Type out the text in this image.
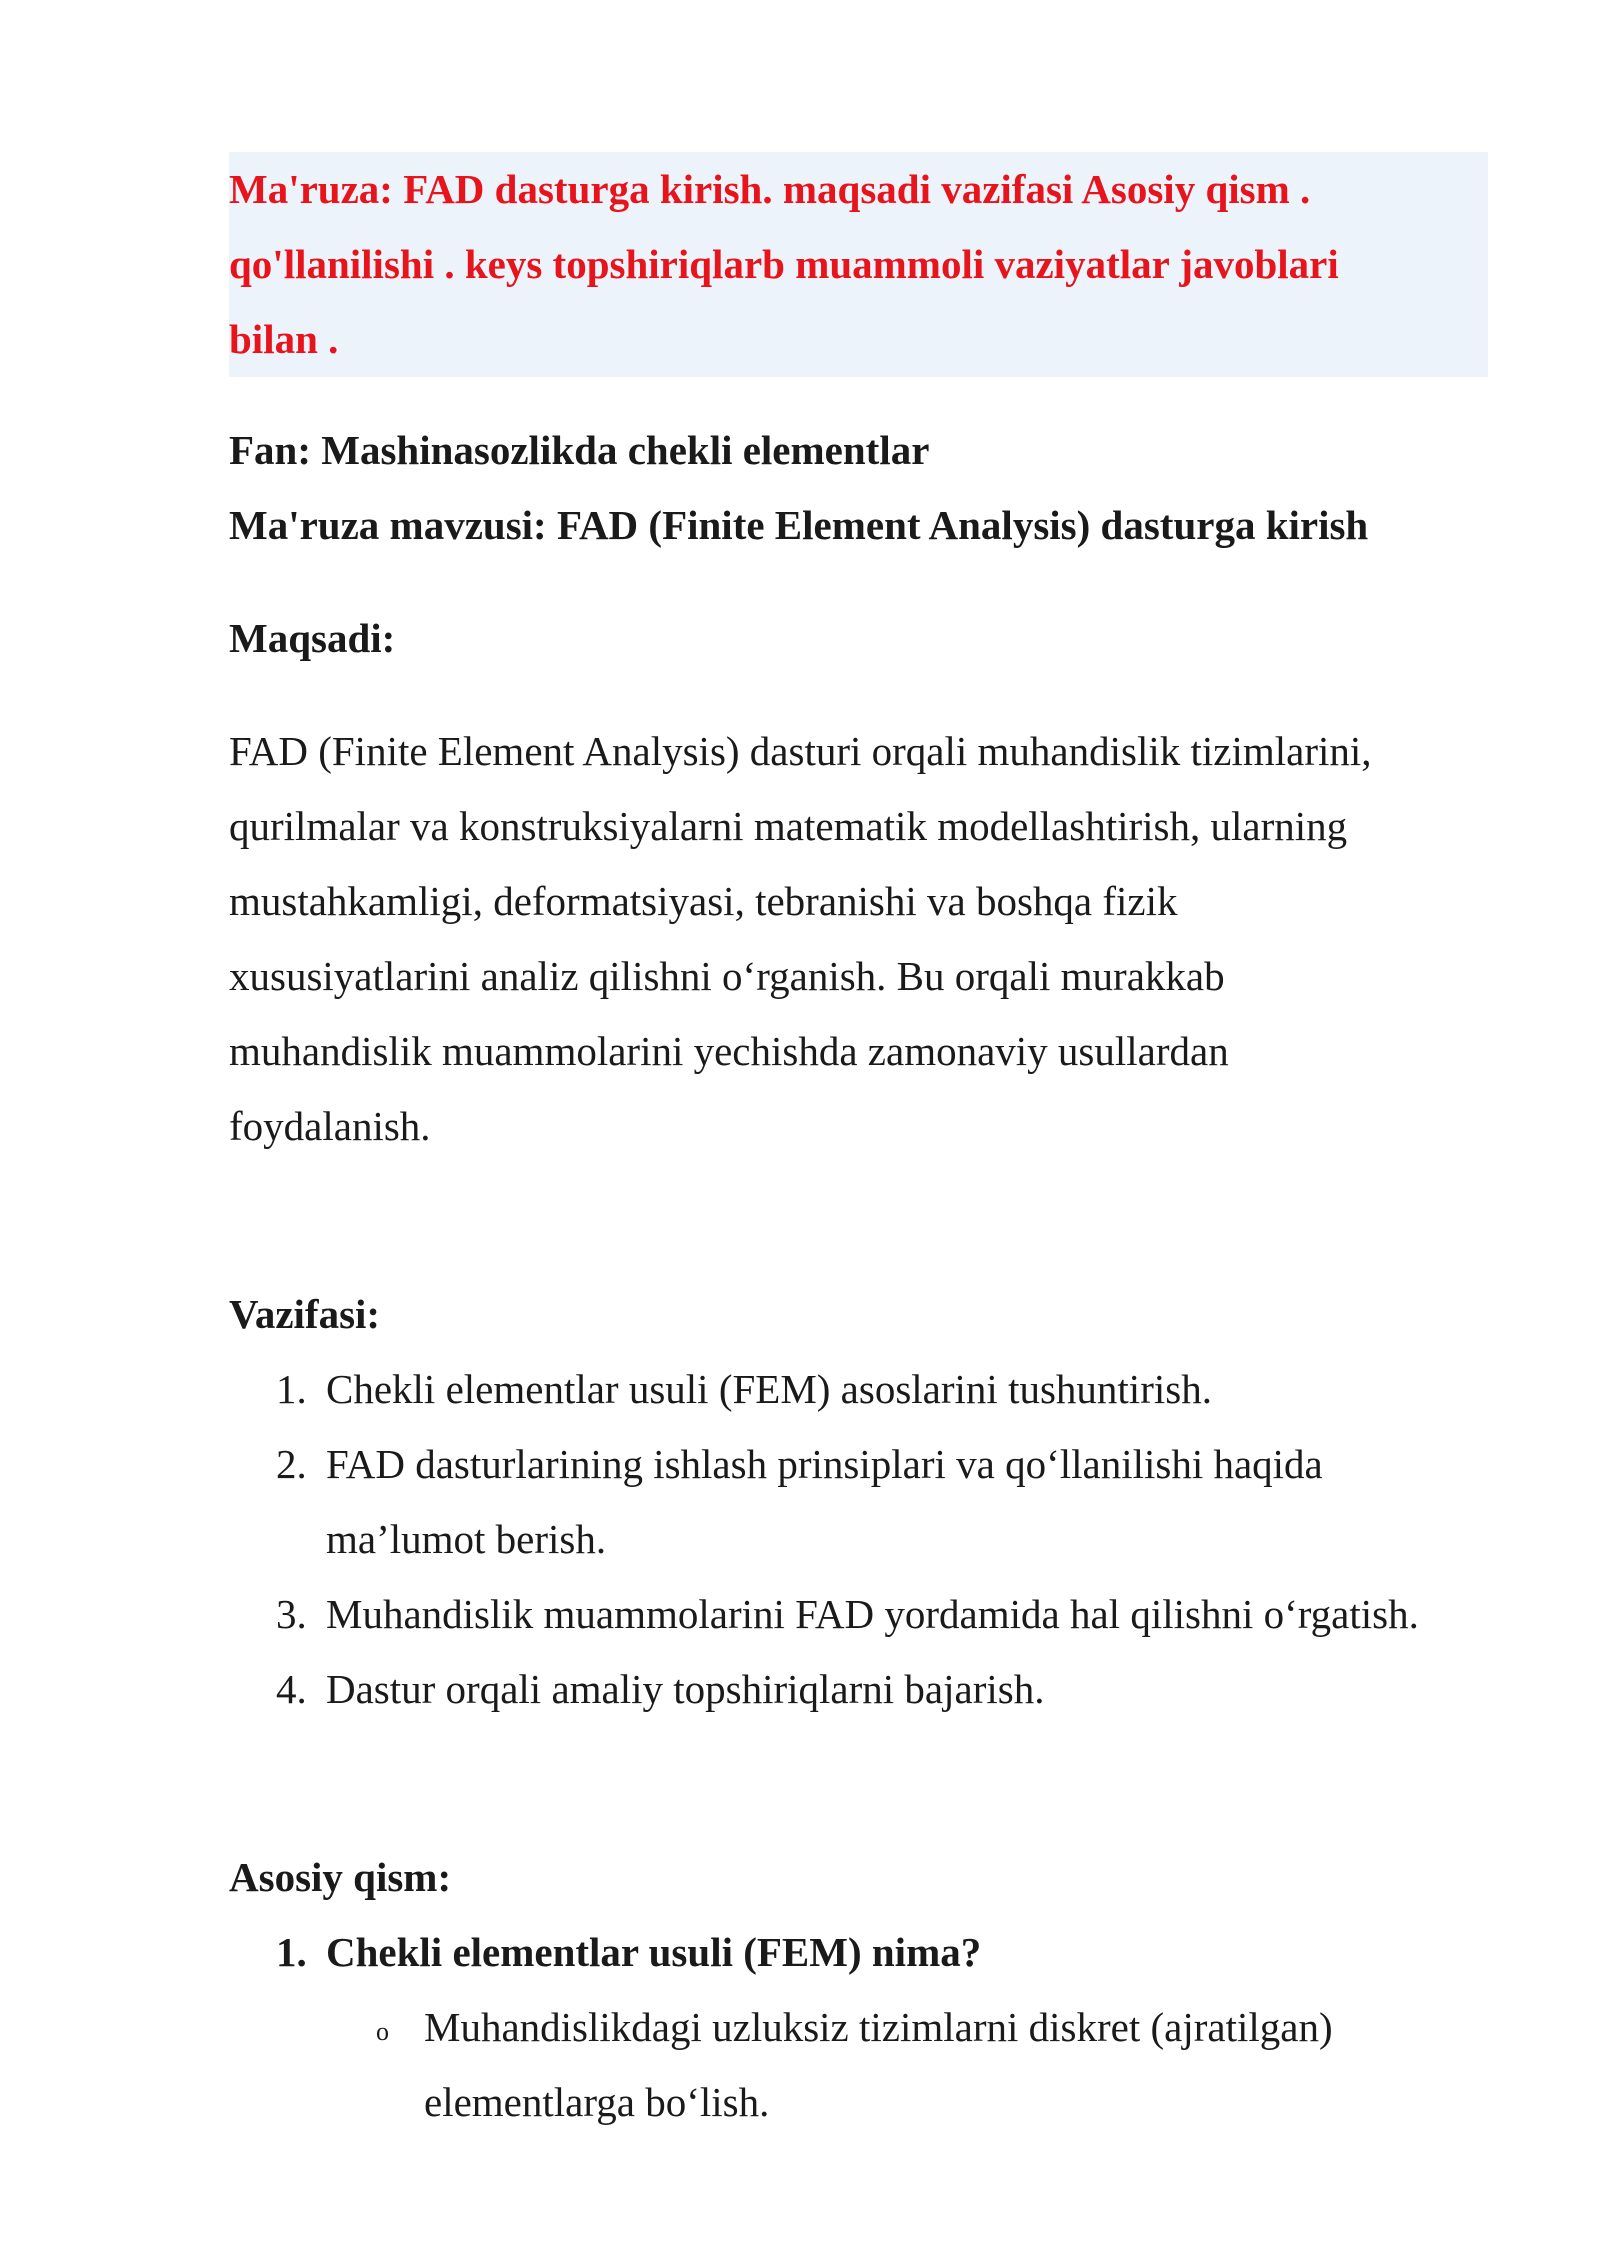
Ma'ruza: FAD dasturga kirish. maqsadi vazifasi Asosiy qism .
qo'llanilishi . keys topshiriqlarb muammoli vaziyatlar javoblari
bilan .

Fan: Mashinasozlikda chekli elementlar

Ma'ruza mavzusi: FAD (Finite Element Analysis) dasturga kirish

Maqsadi:

FAD (Finite Element Analysis) dasturi orqali muhandislik tizimlarini,
qurilmalar va konstruksiyalarni matematik modellashtirish, ularning
mustahkamligi, deformatsiyasi, tebranishi va boshqa fizik
xususiyatlarini analiz qilishni o‘rganish. Bu orqali murakkab
muhandislik muammolarini yechishda zamonaviy usullardan
foydalanish.

Vazifasi:

1. Chekli elementlar usuli (FEM) asoslarini tushuntirish.
2. FAD dasturlarining ishlash prinsiplari va qo‘llanilishi haqida
ma’lumot berish.
3. Muhandislik muammolarini FAD yordamida hal qilishni o‘rgatish.
4. Dastur orqali amaliy topshiriqlarni bajarish.

Asosiy qism:

1. Chekli elementlar usuli (FEM) nima?
o Muhandislikdagi uzluksiz tizimlarni diskret (ajratilgan)
elementlarga bo‘lish.
